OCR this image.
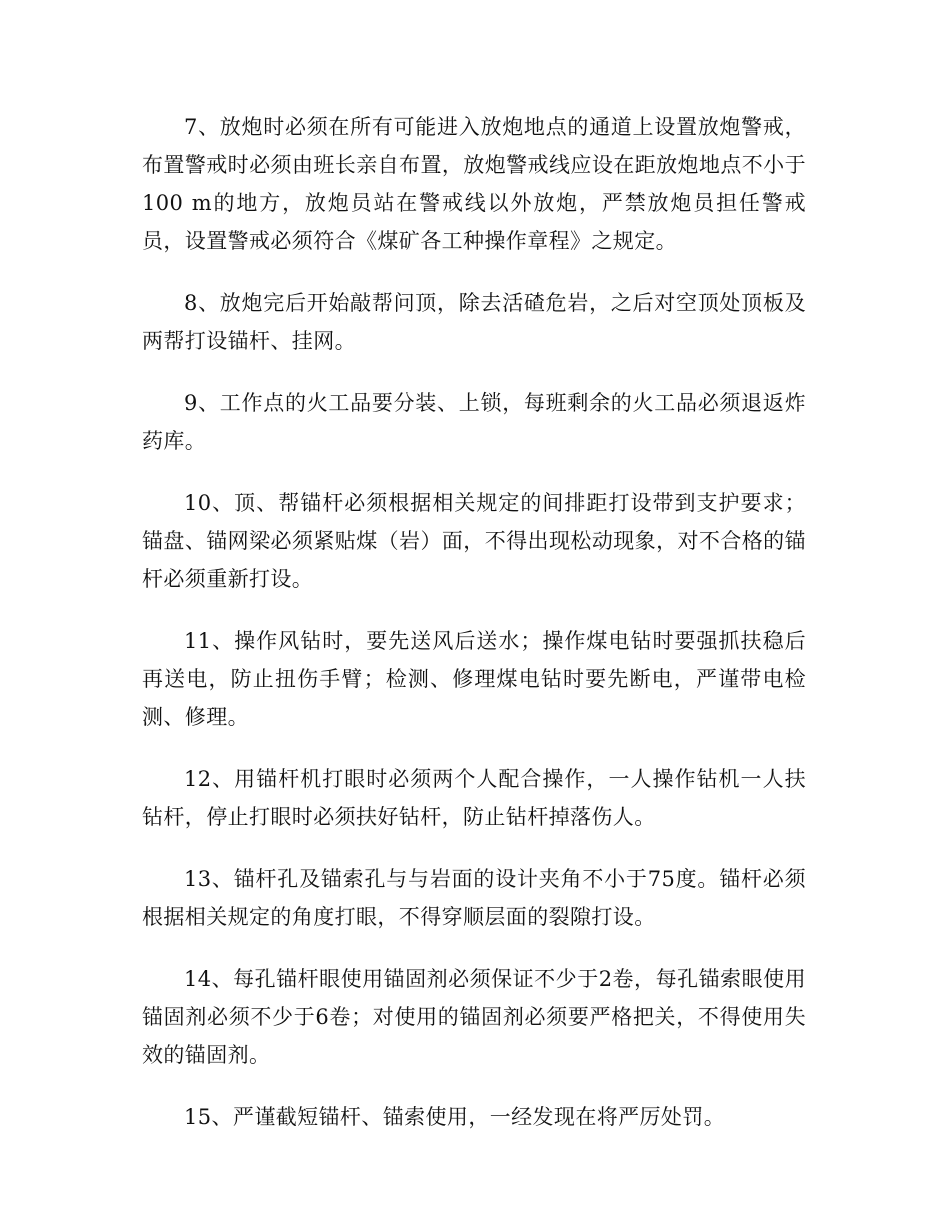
7、放炮时必须在所有可能进入放炮地点的通道上设置放炮警戒，布置警戒时必须由班长亲自布置，放炮警戒线应设在距放炮地点不小于100 m的地方，放炮员站在警戒线以外放炮，严禁放炮员担任警戒员，设置警戒必须符合《煤矿各工种操作章程》之规定。

8、放炮完后开始敲帮问顶，除去活碴危岩，之后对空顶处顶板及两帮打设锚杆、挂网。

9、工作点的火工品要分装、上锁，每班剩余的火工品必须退返炸药库。

10、顶、帮锚杆必须根据相关规定的间排距打设带到支护要求；锚盘、锚网梁必须紧贴煤（岩）面，不得出现松动现象，对不合格的锚杆必须重新打设。

11、操作风钻时，要先送风后送水；操作煤电钻时要强抓扶稳后再送电，防止扭伤手臂；检测、修理煤电钻时要先断电，严谨带电检测、修理。

12、用锚杆机打眼时必须两个人配合操作，一人操作钻机一人扶钻杆，停止打眼时必须扶好钻杆，防止钻杆掉落伤人。

13、锚杆孔及锚索孔与与岩面的设计夹角不小于75度。锚杆必须根据相关规定的角度打眼，不得穿顺层面的裂隙打设。

14、每孔锚杆眼使用锚固剂必须保证不少于2卷，每孔锚索眼使用锚固剂必须不少于6卷；对使用的锚固剂必须要严格把关，不得使用失效的锚固剂。

15、严谨截短锚杆、锚索使用，一经发现在将严厉处罚。
